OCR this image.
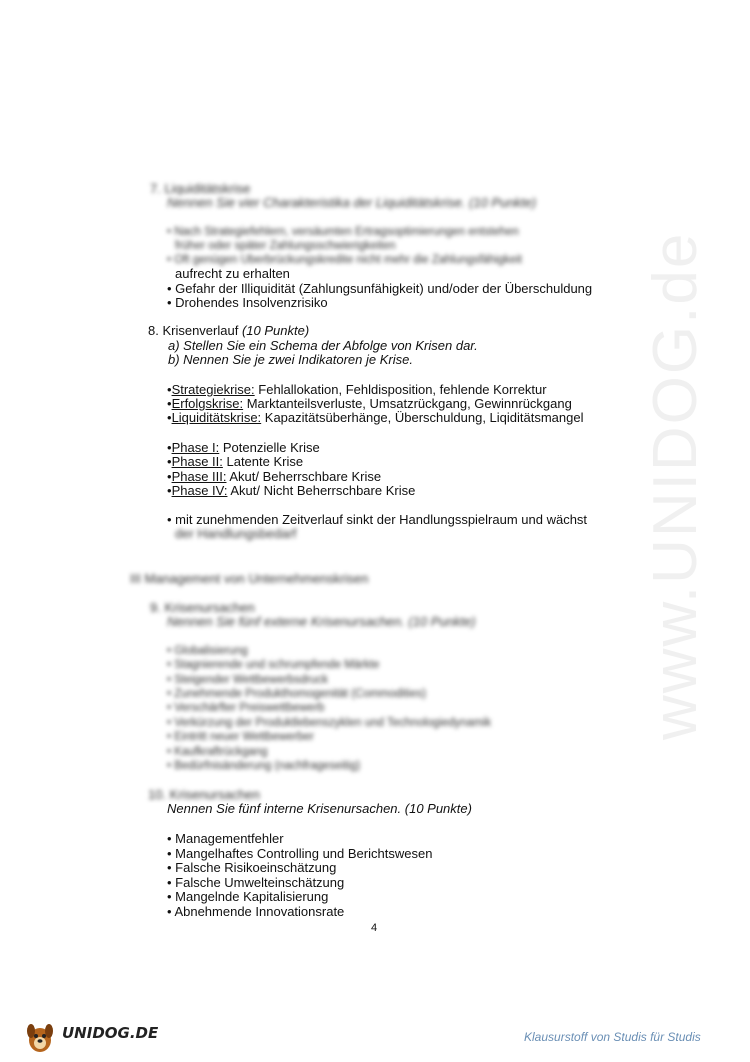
www.UNIDOG.de
7. Liquiditätskrise
Nennen Sie vier Charakteristika der Liquiditätskrise. (10 Punkte)
• Nach Strategiefehlern, versäumten Ertragsoptimierungen entstehen
früher oder später Zahlungsschwierigkeiten
• Oft genügen Überbrückungskredite nicht mehr die Zahlungsfähigkeit
aufrecht zu erhalten
• Gefahr der Illiquidität (Zahlungsunfähigkeit) und/oder der Überschuldung
• Drohendes Insolvenzrisiko
8. Krisenverlauf (10 Punkte)
a) Stellen Sie ein Schema der Abfolge von Krisen dar.
b) Nennen Sie je zwei Indikatoren je Krise.
•Strategiekrise: Fehlallokation, Fehldisposition, fehlende Korrektur
•Erfolgskrise: Marktanteilsverluste, Umsatzrückgang, Gewinnrückgang
•Liquiditätskrise: Kapazitätsüberhänge, Überschuldung, Liqiditätsmangel
•Phase I: Potenzielle Krise
•Phase II: Latente Krise
•Phase III: Akut/ Beherrschbare Krise
•Phase IV: Akut/ Nicht Beherrschbare Krise
• mit zunehmenden Zeitverlauf sinkt der Handlungsspielraum und wächst
der Handlungsbedarf
III Management von Unternehmenskrisen
9. Krisenursachen
Nennen Sie fünf externe Krisenursachen. (10 Punkte)
• Globalisierung
• Stagnierende und schrumpfende Märkte
• Steigender Wettbewerbsdruck
• Zunehmende Produkthomogenität (Commodities)
• Verschärfter Preiswettbewerb
• Verkürzung der Produktlebenszyklen und Technologiedynamik
• Eintritt neuer Wettbewerber
• Kaufkraftrückgang
• Bedürfnisänderung (nachfrageseitig)
10. Krisenursachen
Nennen Sie fünf interne Krisenursachen. (10 Punkte)
• Managementfehler
• Mangelhaftes Controlling und Berichtswesen
• Falsche Risikoeinschätzung
• Falsche Umwelteinschätzung
• Mangelnde Kapitalisierung
• Abnehmende Innovationsrate
4
UNIDOG.DE	Klausurstoff von Studis für Studis
